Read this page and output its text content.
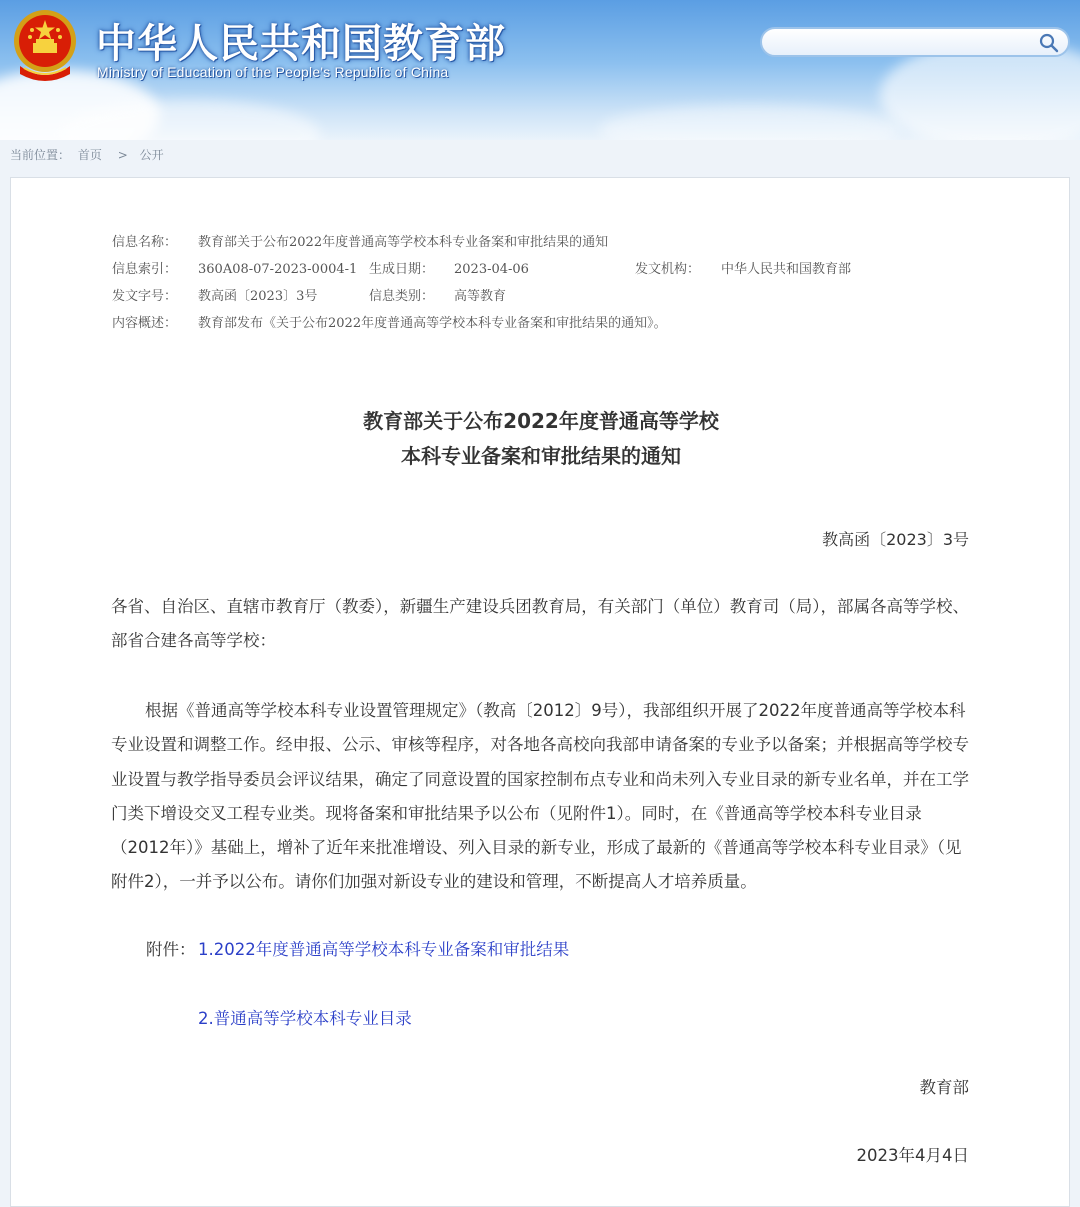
中华人民共和国教育部
Ministry of Education of the People's Republic of China
当前位置： 首页 > 公开
信息名称： 教育部关于公布2022年度普通高等学校本科专业备案和审批结果的通知
信息索引： 360A08-07-2023-0004-1 生成日期： 2023-04-06	发文机构： 中华人民共和国教育部
发文字号： 教高函〔2023〕3号	信息类别： 高等教育
内容概述： 教育部发布《关于公布2022年度普通高等学校本科专业备案和审批结果的通知》。
教育部关于公布2022年度普通高等学校
本科专业备案和审批结果的通知
教高函〔2023〕3号

各省、自治区、直辖市教育厅（教委），新疆生产建设兵团教育局，有关部门（单位）教育司（局），部属各高等学校、部省合建各高等学校：

根据《普通高等学校本科专业设置管理规定》（教高〔2012〕9号），我部组织开展了2022年度普通高等学校本科专业设置和调整工作。经申报、公示、审核等程序，对各地各高校向我部申请备案的专业予以备案；并根据高等学校专业设置与教学指导委员会评议结果，确定了同意设置的国家控制布点专业和尚未列入专业目录的新专业名单，并在工学门类下增设交叉工程专业类。现将备案和审批结果予以公布（见附件1）。同时，在《普通高等学校本科专业目录（2012年）》基础上，增补了近年来批准增设、列入目录的新专业，形成了最新的《普通高等学校本科专业目录》（见附件2），一并予以公布。请你们加强对新设专业的建设和管理，不断提高人才培养质量。

附件： 1.2022年度普通高等学校本科专业备案和审批结果
2.普通高等学校本科专业目录
教育部
2023年4月4日
